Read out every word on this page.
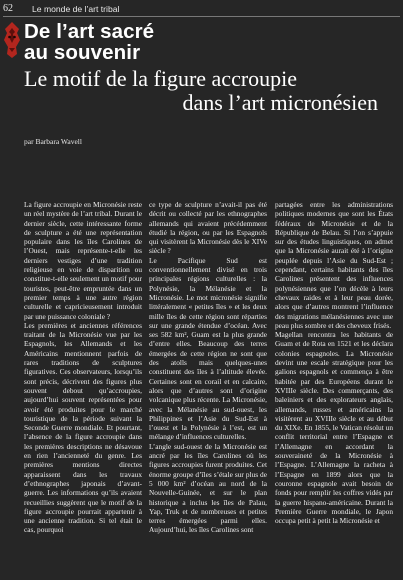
62 Le monde de l’art tribal
De l’art sacré
au souvenir
Le motif de la figure accroupie
dans l’art micronésien
par Barbara Wavell

La figure accroupie en Micronésie reste un réel mystère de l’art tribal. Durant le dernier siècle, cette intéressante forme de sculpture a été une représentation populaire dans les îles Carolines de l’Ouest, mais représente-t-elle les derniers vestiges d’une tradition religieuse en voie de disparition ou constitue-t-elle seulement un motif pour touristes, peut-être empruntée dans un premier temps à une autre région culturelle et capricieusement introduit par une puissance coloniale ?

Les premières et anciennes références traitant de la Micronésie vue par les Espagnols, les Allemands et les Américains mentionnent parfois de rares traditions de sculptures figuratives. Ces observateurs, lorsqu’ils sont précis, décrivent des figures plus souvent debout qu’accroupies, aujourd’hui souvent représentées pour avoir été produites pour le marché touristique de la période suivant la Seconde Guerre mondiale. Et pourtant, l’absence de la figure accroupie dans les premières descriptions ne désavoue en rien l’ancienneté du genre. Les premières mentions directes apparaissent dans les travaux d’ethnographes japonais d’avant-guerre. Les informations qu’ils avaient recueillies suggèrent que le motif de la figure accroupie pourrait appartenir à une ancienne tradition. Si tel était le cas, pourquoi

ce type de sculpture n’avait-il pas été décrit ou collecté par les ethnographes allemands qui avaient précédemment étudié la région, ou par les Espagnols qui visitèrent la Micronésie dès le XIVe siècle ?

Le Pacifique Sud est conventionnellement divisé en trois principales régions culturelles : la Polynésie, la Mélanésie et la Micronésie. Le mot micronésie signifie littéralement « petites îles » et les deux mille îles de cette région sont réparties sur une grande étendue d’océan. Avec ses 582 km², Guam est la plus grande d’entre elles. Beaucoup des terres émergées de cette région ne sont que des atolls mais quelques-unes constituent des îles à l’altitude élevée. Certaines sont en corail et en calcaire, alors que d’autres sont d’origine volcanique plus récente. La Micronésie, avec la Mélanésie au sud-ouest, les Philippines et l’Asie du Sud-Est à l’ouest et la Polynésie à l’est, est un mélange d’influences culturelles.

L’angle sud-ouest de la Micronésie est ancré par les îles Carolines où les figures accroupies furent produites. Cet énorme groupe d’îles s’étale sur plus de 5 000 km² d’océan au nord de la Nouvelle-Guinée, et sur le plan historique a inclus les îles de Palau, Yap, Truk et de nombreuses et petites terres émergées parmi elles. Aujourd’hui, les îles Carolines sont

partagées entre les administrations politiques modernes que sont les États fédéraux de Micronésie et de la République de Belau. Si l’on s’appuie sur des études linguistiques, on admet que la Micronésie aurait été à l’origine peuplée depuis l’Asie du Sud-Est ; cependant, certains habitants des îles Carolines présentent des influences polynésiennes que l’on décèle à leurs chevaux raides et à leur peau dorée, alors que d’autres montrent l’influence des migrations mélanésiennes avec une peau plus sombre et des cheveux frisés.

Magellan rencontra les habitants de Guam et de Rota en 1521 et les déclara colonies espagnoles. La Micronésie devint une escale stratégique pour les galions espagnols et commença à être habitée par des Européens durant le XVIIIe siècle. Des commerçants, des baleiniers et des explorateurs anglais, allemands, russes et américains la visitèrent au XVIIIe siècle et au début du XIXe. En 1855, le Vatican résolut un conflit territorial entre l’Espagne et l’Allemagne en accordant la souveraineté de la Micronésie à l’Espagne. L’Allemagne la racheta à l’Espagne en 1899 alors que la couronne espagnole avait besoin de fonds pour remplir les coffres vidés par la guerre hispano-américaine. Durant la Première Guerre mondiale, le Japon occupa petit à petit la Micronésie et
